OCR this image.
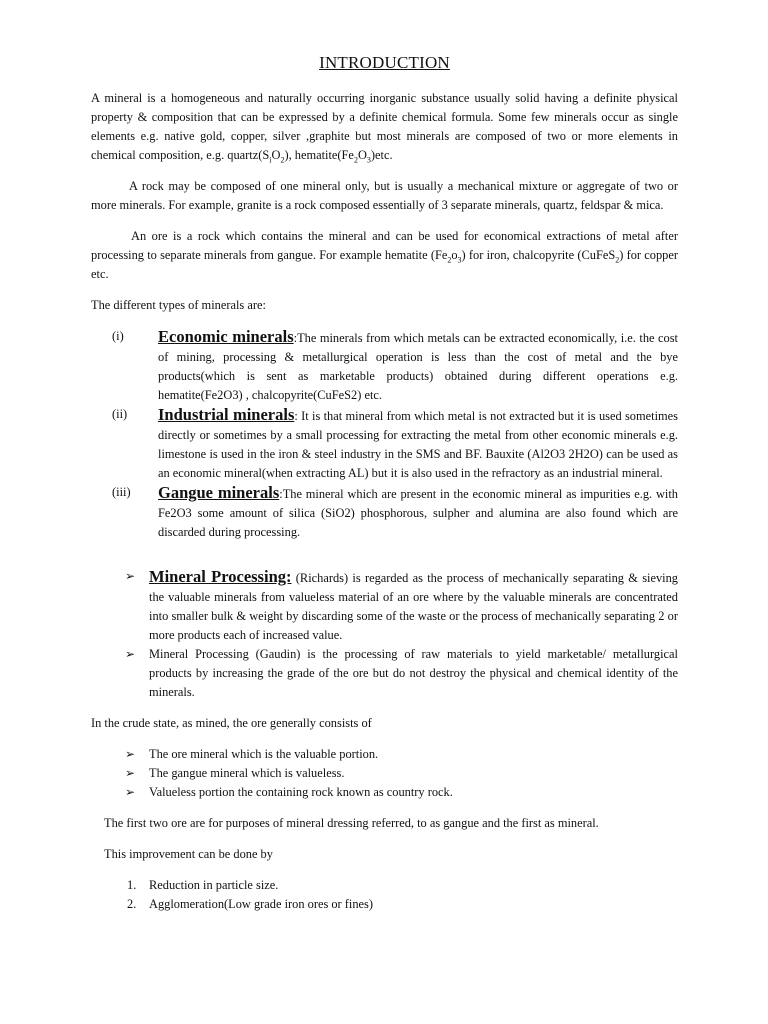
INTRODUCTION

A mineral is a homogeneous and naturally occurring inorganic substance usually solid having a definite physical property & composition that can be expressed by a definite chemical formula. Some few minerals occur as single elements e.g. native gold, copper, silver ,graphite but most minerals are composed of two or more elements in chemical composition, e.g. $quartz(S_iO_2)$, $hematite(Fe_2O_3)etc$.

A rock may be composed of one mineral only, but is usually a mechanical mixture or aggregate of two or more minerals. For example, granite is a rock composed essentially of 3 separate minerals, quartz, feldspar & mica.

An ore is a rock which contains the mineral and can be used for economical extractions of metal after processing to separate minerals from gangue. For example hematite $(Fe_2o_3)$ for iron, chalcopyrite (CuFeS$_2$) for copper etc.

The different types of minerals are:

(i) Economic minerals:The minerals from which metals can be extracted economically, i.e. the cost of mining, processing & metallurgical operation is less than the cost of metal and the bye products(which is sent as marketable products) obtained during different operations e.g. hematite(Fe2O3) , chalcopyrite(CuFeS2) etc.
(ii) Industrial minerals: It is that mineral from which metal is not extracted but it is used sometimes directly or sometimes by a small processing for extracting the metal from other economic minerals e.g. limestone is used in the iron & steel industry in the SMS and BF. Bauxite (Al2O3 2H2O) can be used as an economic mineral(when extracting AL) but it is also used in the refractory as an industrial mineral.
(iii) Gangue minerals:The mineral which are present in the economic mineral as impurities e.g. with Fe2O3 some amount of silica (SiO2) phosphorous, sulpher and alumina are also found which are discarded during processing.
➢ Mineral Processing: (Richards) is regarded as the process of mechanically separating & sieving the valuable minerals from valueless material of an ore where by the valuable minerals are concentrated into smaller bulk & weight by discarding some of the waste or the process of mechanically separating 2 or more products each of increased value.
➢ Mineral Processing (Gaudin) is the processing of raw materials to yield marketable/ metallurgical products by increasing the grade of the ore but do not destroy the physical and chemical identity of the minerals.

In the crude state, as mined, the ore generally consists of

➢ The ore mineral which is the valuable portion.
➢ The gangue mineral which is valueless.
➢ Valueless portion the containing rock known as country rock.

The first two ore are for purposes of mineral dressing referred, to as gangue and the first as mineral.

This improvement can be done by

1. Reduction in particle size.
2. Agglomeration(Low grade iron ores or fines)
